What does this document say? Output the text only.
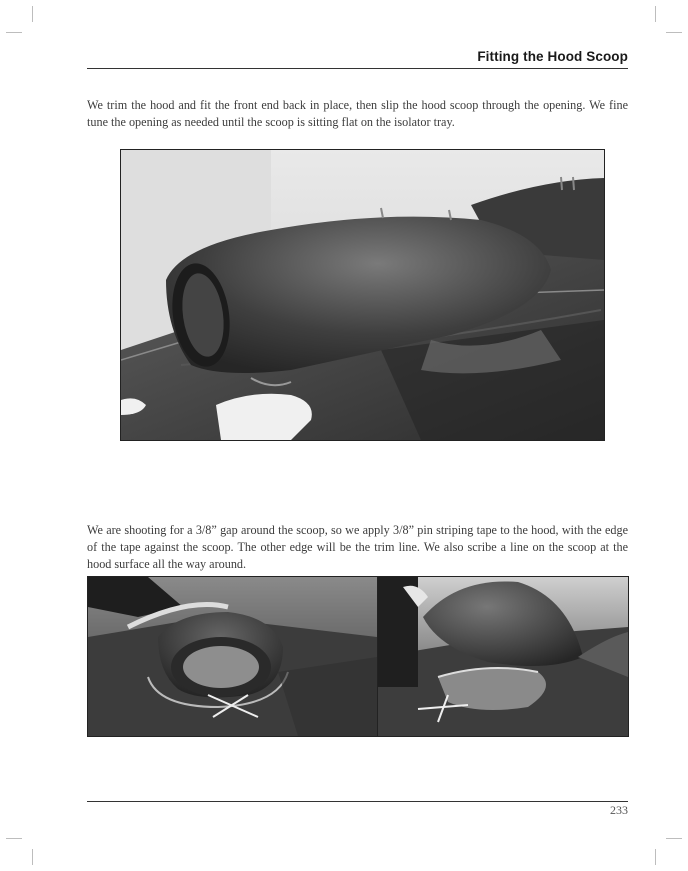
Fitting the Hood Scoop

We trim the hood and fit the front end back in place, then slip the hood scoop through the opening. We fine tune the opening as needed until the scoop is sitting flat on the isolator tray.

We are shooting for a 3/8” gap around the scoop, so we apply 3/8” pin striping tape to the hood, with the edge of the tape against the scoop. The other edge will be the trim line. We also scribe a line on the scoop at the hood surface all the way around.

233
